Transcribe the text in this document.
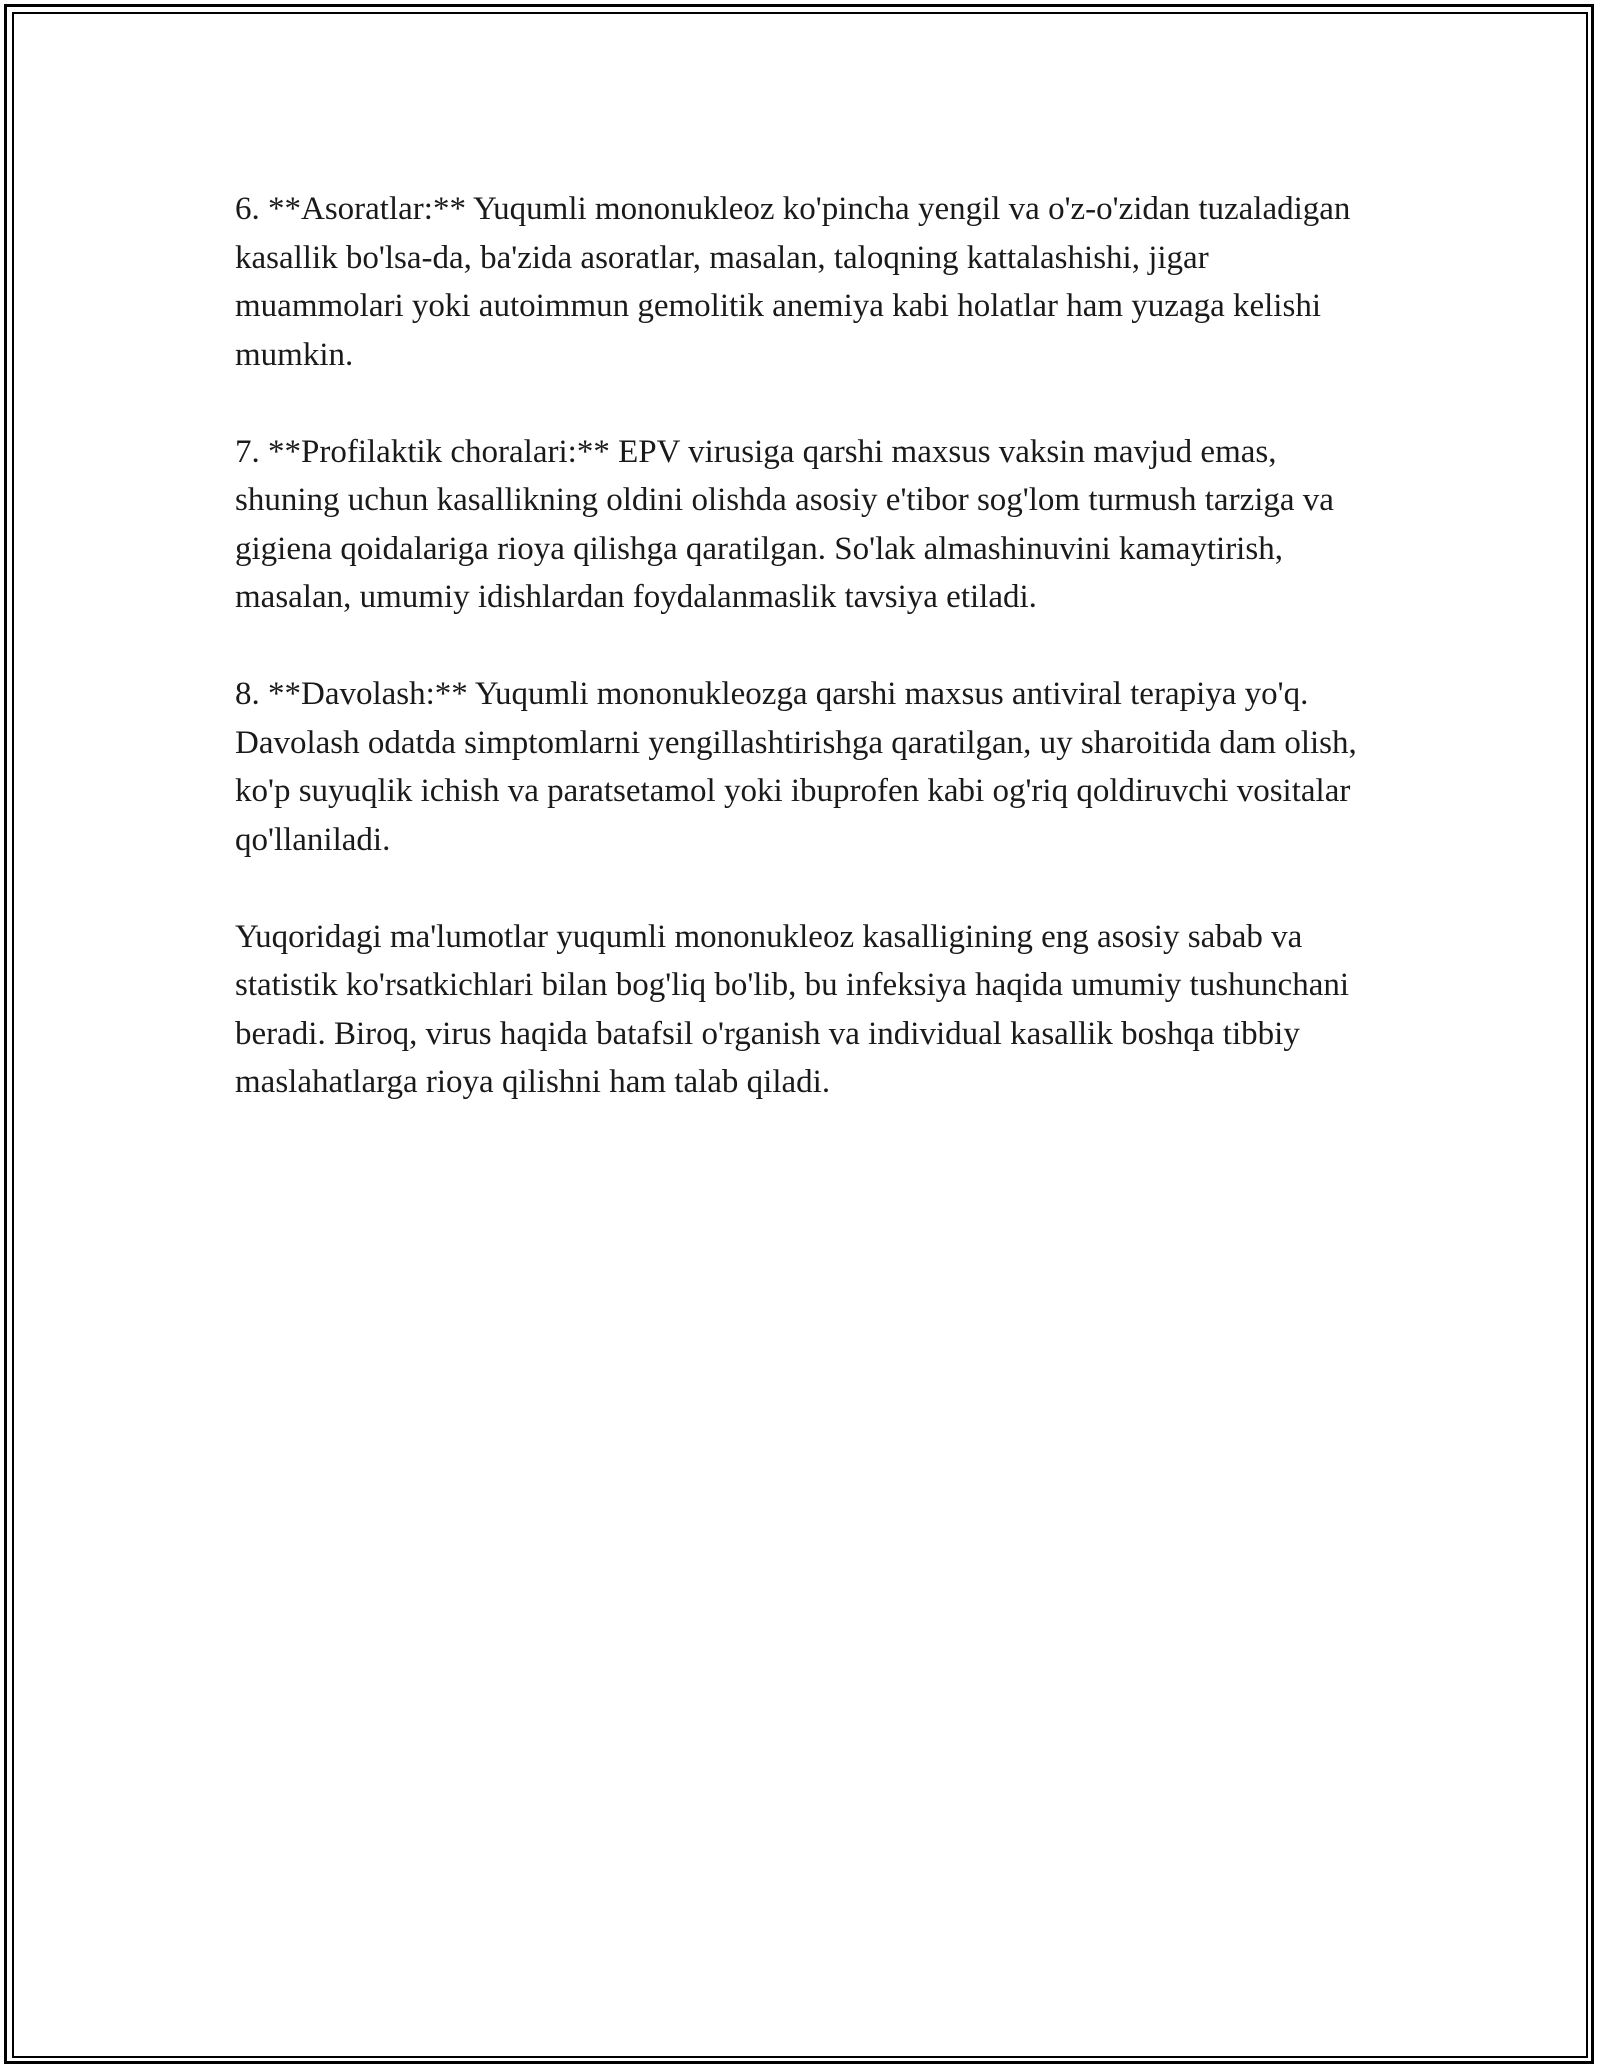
6. **Asoratlar:** Yuqumli mononukleoz ko'pincha yengil va o'z-o'zidan tuzaladigan kasallik bo'lsa-da, ba'zida asoratlar, masalan, taloqning kattalashishi, jigar muammolari yoki autoimmun gemolitik anemiya kabi holatlar ham yuzaga kelishi mumkin.

7. **Profilaktik choralari:** EPV virusiga qarshi maxsus vaksin mavjud emas, shuning uchun kasallikning oldini olishda asosiy e'tibor sog'lom turmush tarziga va gigiena qoidalariga rioya qilishga qaratilgan. So'lak almashinuvini kamaytirish, masalan, umumiy idishlardan foydalanmaslik tavsiya etiladi.

8. **Davolash:** Yuqumli mononukleozga qarshi maxsus antiviral terapiya yo'q. Davolash odatda simptomlarni yengillashtirishga qaratilgan, uy sharoitida dam olish, ko'p suyuqlik ichish va paratsetamol yoki ibuprofen kabi og'riq qoldiruvchi vositalar qo'llaniladi.

Yuqoridagi ma'lumotlar yuqumli mononukleoz kasalligining eng asosiy sabab va statistik ko'rsatkichlari bilan bog'liq bo'lib, bu infeksiya haqida umumiy tushunchani beradi. Biroq, virus haqida batafsil o'rganish va individual kasallik boshqa tibbiy maslahatlarga rioya qilishni ham talab qiladi.
